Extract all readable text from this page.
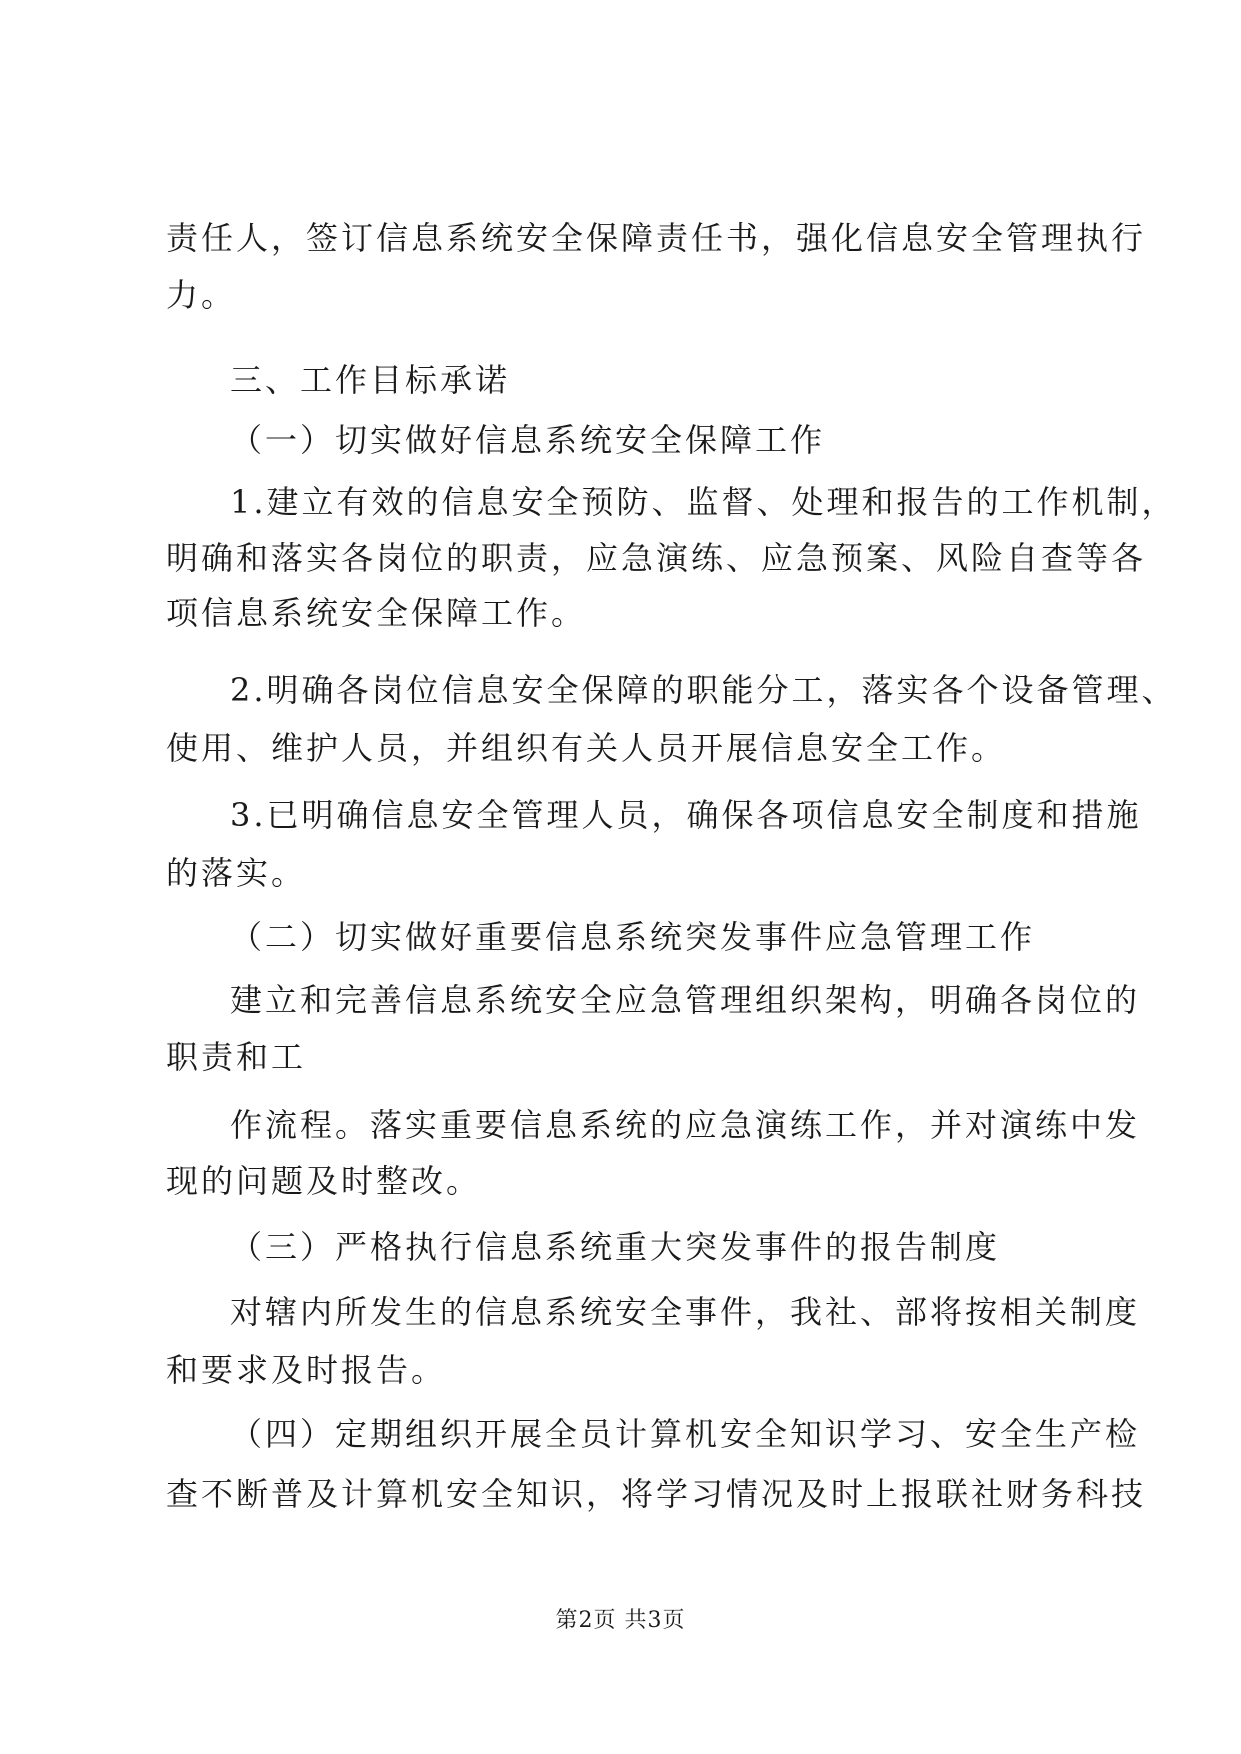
责任人，签订信息系统安全保障责任书，强化信息安全管理执行
力。
三、工作目标承诺
（一）切实做好信息系统安全保障工作
1.建立有效的信息安全预防、监督、处理和报告的工作机制，
明确和落实各岗位的职责，应急演练、应急预案、风险自查等各
项信息系统安全保障工作。
2.明确各岗位信息安全保障的职能分工，落实各个设备管理、
使用、维护人员，并组织有关人员开展信息安全工作。
3.已明确信息安全管理人员，确保各项信息安全制度和措施
的落实。
（二）切实做好重要信息系统突发事件应急管理工作
建立和完善信息系统安全应急管理组织架构，明确各岗位的
职责和工
作流程。落实重要信息系统的应急演练工作，并对演练中发
现的问题及时整改。
（三）严格执行信息系统重大突发事件的报告制度
对辖内所发生的信息系统安全事件，我社、部将按相关制度
和要求及时报告。
（四）定期组织开展全员计算机安全知识学习、安全生产检
查不断普及计算机安全知识，将学习情况及时上报联社财务科技
第2页 共3页
